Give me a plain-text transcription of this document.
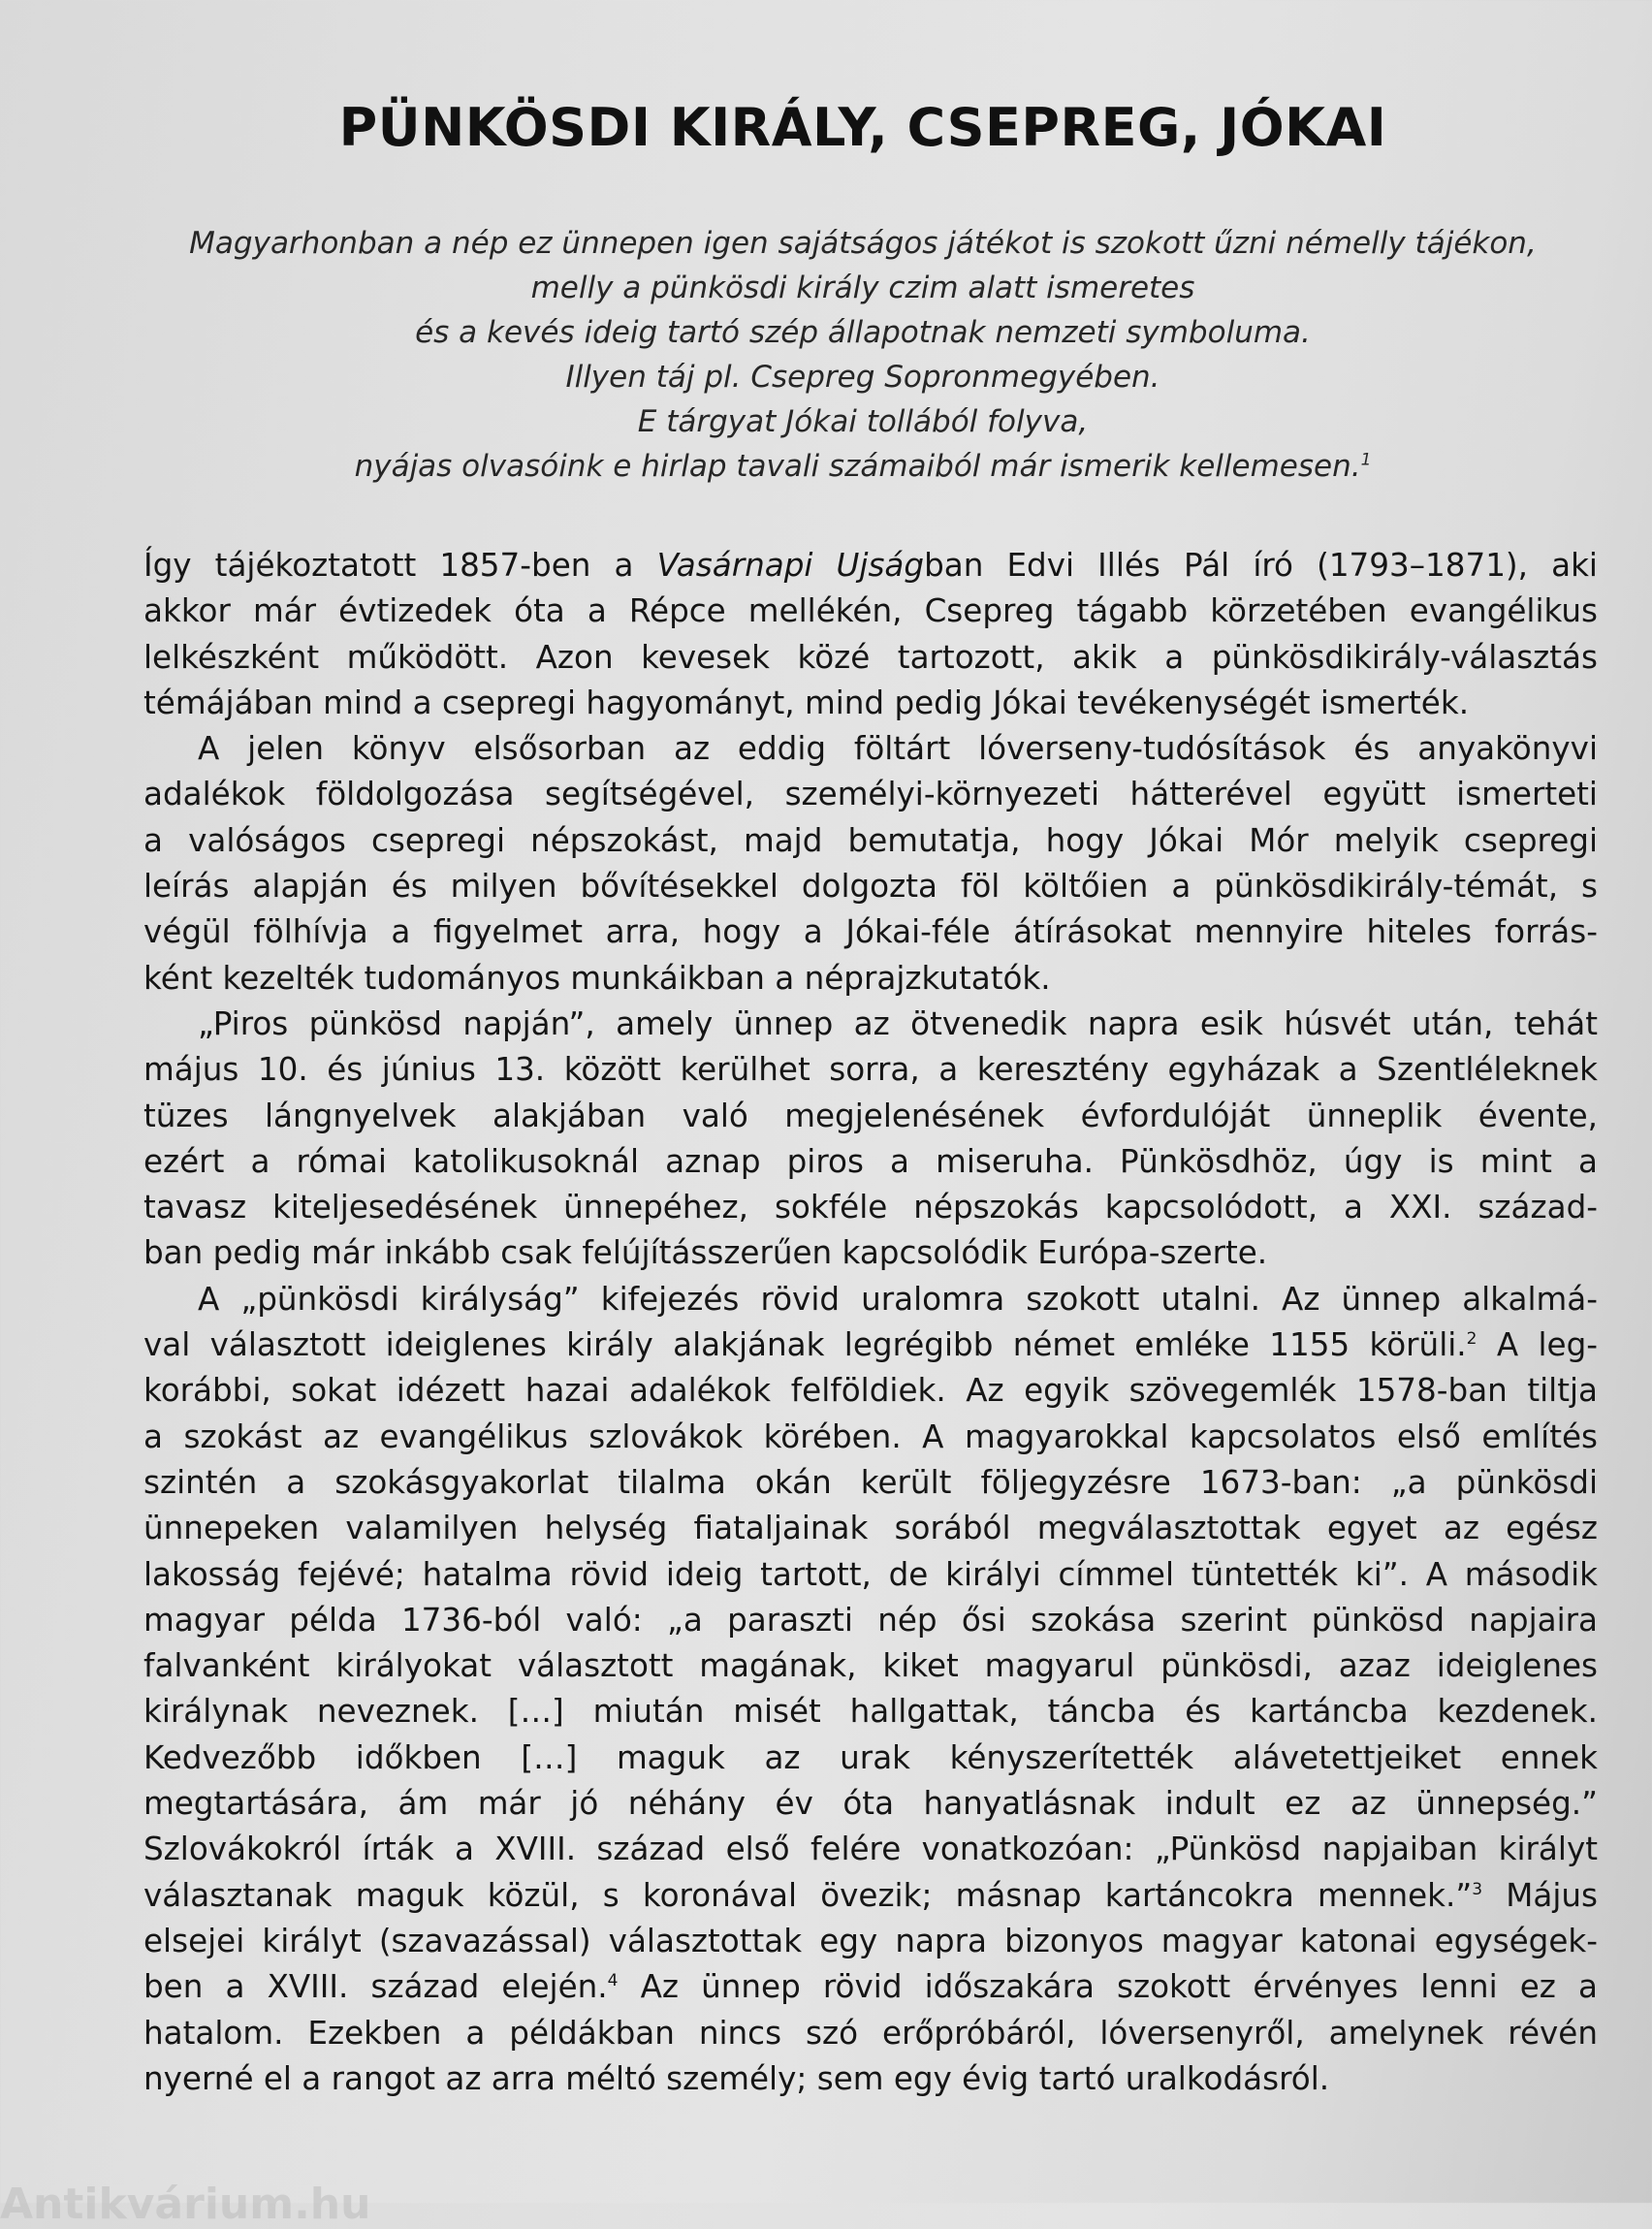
PÜNKÖSDI KIRÁLY, CSEPREG, JÓKAI
Magyarhonban a nép ez ünnepen igen sajátságos játékot is szokott űzni némelly tájékon,
melly a pünkösdi király czim alatt ismeretes
és a kevés ideig tartó szép állapotnak nemzeti symboluma.
Illyen táj pl. Csepreg Sopronmegyében.
E tárgyat Jókai tollából folyva,
nyájas olvasóink e hirlap tavali számaiból már ismerik kellemesen.$^1$
Így tájékoztatott 1857-ben a Vasárnapi Ujságban Edvi Illés Pál író (1793–1871), aki
akkor már évtizedek óta a Répce mellékén, Csepreg tágabb körzetében evangélikus
lelkészként működött. Azon kevesek közé tartozott, akik a pünkösdikirály-választás
témájában mind a csepregi hagyományt, mind pedig Jókai tevékenységét ismerték.
A jelen könyv elsősorban az eddig föltárt lóverseny-tudósítások és anyakönyvi
adalékok földolgozása segítségével, személyi-környezeti hátterével együtt ismerteti
a valóságos csepregi népszokást, majd bemutatja, hogy Jókai Mór melyik csepregi
leírás alapján és milyen bővítésekkel dolgozta föl költőien a pünkösdikirály-témát, s
végül fölhívja a figyelmet arra, hogy a Jókai-féle átírásokat mennyire hiteles forrás-
ként kezelték tudományos munkáikban a néprajzkutatók.
„Piros pünkösd napján”, amely ünnep az ötvenedik napra esik húsvét után, tehát
május 10. és június 13. között kerülhet sorra, a keresztény egyházak a Szentléleknek
tüzes lángnyelvek alakjában való megjelenésének évfordulóját ünneplik évente,
ezért a római katolikusoknál aznap piros a miseruha. Pünkösdhöz, úgy is mint a
tavasz kiteljesedésének ünnepéhez, sokféle népszokás kapcsolódott, a XXI. század-
ban pedig már inkább csak felújításszerűen kapcsolódik Európa-szerte.
A „pünkösdi királyság” kifejezés rövid uralomra szokott utalni. Az ünnep alkalmá-
val választott ideiglenes király alakjának legrégibb német emléke 1155 körüli.$^2$ A leg-
korábbi, sokat idézett hazai adalékok felföldiek. Az egyik szövegemlék 1578-ban tiltja
a szokást az evangélikus szlovákok körében. A magyarokkal kapcsolatos első említés
szintén a szokásgyakorlat tilalma okán került följegyzésre 1673-ban: „a pünkösdi
ünnepeken valamilyen helység fiataljainak sorából megválasztottak egyet az egész
lakosság fejévé; hatalma rövid ideig tartott, de királyi címmel tüntették ki”. A második
magyar példa 1736-ból való: „a paraszti nép ősi szokása szerint pünkösd napjaira
falvanként királyokat választott magának, kiket magyarul pünkösdi, azaz ideiglenes
királynak neveznek. […] miután misét hallgattak, táncba és kartáncba kezdenek.
Kedvezőbb időkben […] maguk az urak kényszerítették alávetettjeiket ennek
megtartására, ám már jó néhány év óta hanyatlásnak indult ez az ünnepség.”
Szlovákokról írták a XVIII. század első felére vonatkozóan: „Pünkösd napjaiban királyt
választanak maguk közül, s koronával övezik; másnap kartáncokra mennek.”$^3$ Május
elsejei királyt (szavazással) választottak egy napra bizonyos magyar katonai egységek-
ben a XVIII. század elején.$^4$ Az ünnep rövid időszakára szokott érvényes lenni ez a
hatalom. Ezekben a példákban nincs szó erőpróbáról, lóversenyről, amelynek révén
nyerné el a rangot az arra méltó személy; sem egy évig tartó uralkodásról.
Antikvárium.hu
